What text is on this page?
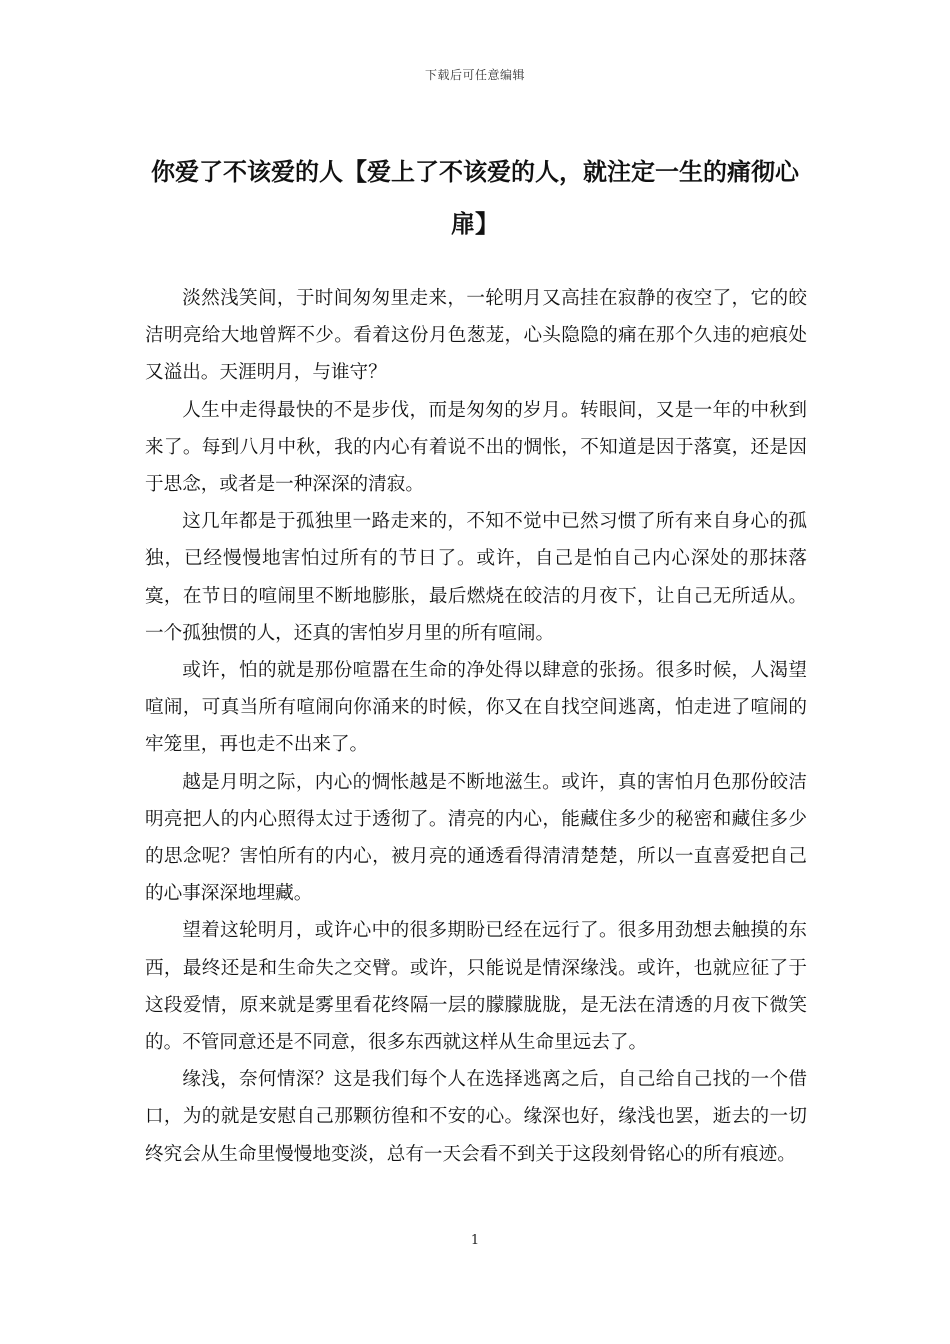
下载后可任意编辑
你爱了不该爱的人【爱上了不该爱的人，就注定一生的痛彻心扉】

淡然浅笑间，于时间匆匆里走来，一轮明月又高挂在寂静的夜空了，它的皎洁明亮给大地曾辉不少。看着这份月色葱茏，心头隐隐的痛在那个久违的疤痕处又溢出。天涯明月，与谁守？

人生中走得最快的不是步伐，而是匆匆的岁月。转眼间，又是一年的中秋到来了。每到八月中秋，我的内心有着说不出的惆怅，不知道是因于落寞，还是因于思念，或者是一种深深的清寂。

这几年都是于孤独里一路走来的，不知不觉中已然习惯了所有来自身心的孤独，已经慢慢地害怕过所有的节日了。或许，自己是怕自己内心深处的那抹落寞，在节日的喧闹里不断地膨胀，最后燃烧在皎洁的月夜下，让自己无所适从。一个孤独惯的人，还真的害怕岁月里的所有喧闹。

或许，怕的就是那份喧嚣在生命的净处得以肆意的张扬。很多时候，人渴望喧闹，可真当所有喧闹向你涌来的时候，你又在自找空间逃离，怕走进了喧闹的牢笼里，再也走不出来了。

越是月明之际，内心的惆怅越是不断地滋生。或许，真的害怕月色那份皎洁明亮把人的内心照得太过于透彻了。清亮的内心，能藏住多少的秘密和藏住多少的思念呢？害怕所有的内心，被月亮的通透看得清清楚楚，所以一直喜爱把自己的心事深深地埋藏。

望着这轮明月，或许心中的很多期盼已经在远行了。很多用劲想去触摸的东西，最终还是和生命失之交臂。或许，只能说是情深缘浅。或许，也就应征了于这段爱情，原来就是雾里看花终隔一层的朦朦胧胧，是无法在清透的月夜下微笑的。不管同意还是不同意，很多东西就这样从生命里远去了。

缘浅，奈何情深？这是我们每个人在选择逃离之后，自己给自己找的一个借口，为的就是安慰自己那颗彷徨和不安的心。缘深也好，缘浅也罢，逝去的一切终究会从生命里慢慢地变淡，总有一天会看不到关于这段刻骨铭心的所有痕迹。

1
